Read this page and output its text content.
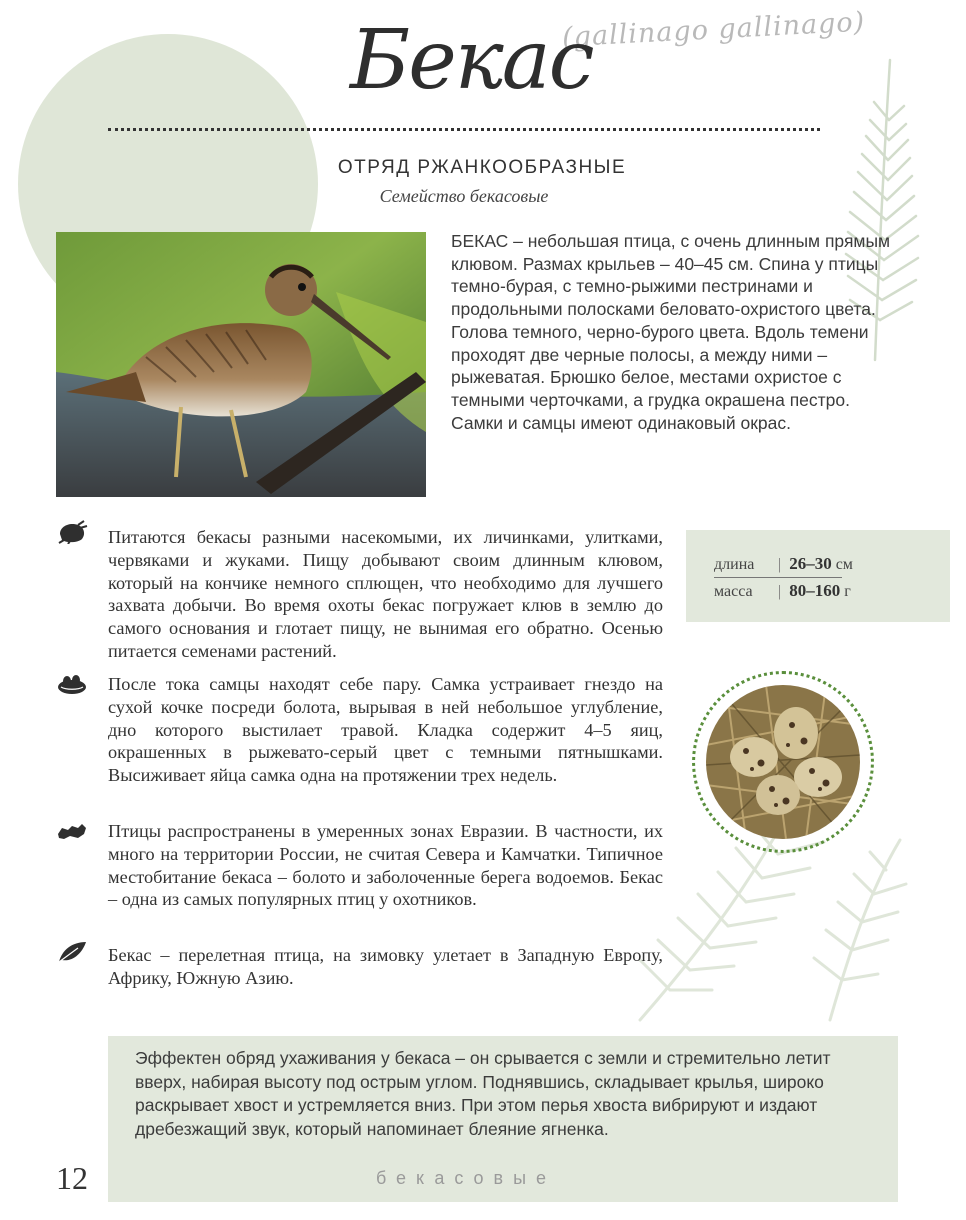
(gallinago gallinago)
Бекас
ОТРЯД РЖАНКООБРАЗНЫЕ
Семейство бекасовые
БЕКАС – небольшая птица, с очень длинным прямым клювом. Размах крыльев – 40–45 см. Спина у птицы темно-бурая, с темно-рыжими пестринами и продольными полосками беловато-охристого цвета. Голова темного, черно-бурого цвета. Вдоль темени проходят две черные полосы, а между ними – рыжеватая. Брюшко белое, местами охристое с темными черточками, а грудка окрашена пестро. Самки и самцы имеют одинаковый окрас.
Питаются бекасы разными насекомыми, их личинками, улитками, червяками и жуками. Пищу добывают своим длинным клювом, который на кончике немного сплющен, что необходимо для лучшего захвата добычи. Во время охоты бекас погружает клюв в землю до самого основания и глотает пищу, не вынимая его обратно. Осенью питается семенами растений.
После тока самцы находят себе пару. Самка устраивает гнездо на сухой кочке посреди болота, вырывая в ней небольшое углубление, дно которого выстилает травой. Кладка содержит 4–5 яиц, окрашенных в рыжевато-серый цвет с темными пятнышками. Высиживает яйца самка одна на протяжении трех недель.
Птицы распространены в умеренных зонах Евразии. В частности, их много на территории России, не считая Севера и Камчатки. Типичное местобитание бекаса – болото и заболоченные берега водоемов. Бекас – одна из самых популярных птиц у охотников.
Бекас – перелетная птица, на зимовку улетает в Западную Европу, Африку, Южную Азию.
длина | 26–30 см
масса | 80–160 г
Эффектен обряд ухаживания у бекаса – он срывается с земли и стремительно летит вверх, набирая высоту под острым углом. Поднявшись, складывает крылья, широко раскрывает хвост и устремляется вниз. При этом перья хвоста вибрируют и издают дребезжащий звук, который напоминает блеяние ягненка.
бекасовые
12
